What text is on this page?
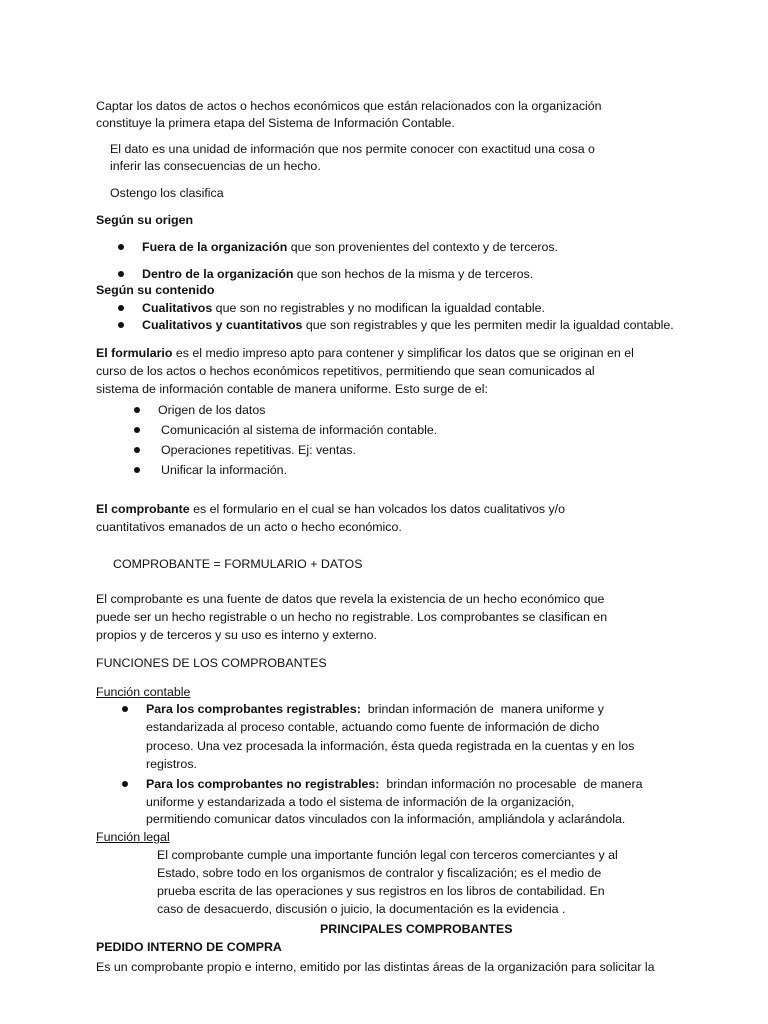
Captar los datos de actos o hechos económicos que están relacionados con la organización

constituye la primera etapa del Sistema de Información Contable.

El dato es una unidad de información que nos permite conocer con exactitud una cosa o

inferir las consecuencias de un hecho.

Ostengo los clasifica

Según su origen

Fuera de la organización que son provenientes del contexto y de terceros.
Dentro de la organización que son hechos de la misma y de terceros.

Según su contenido

Cualitativos que son no registrables y no modifican la igualdad contable.
Cualitativos y cuantitativos que son registrables y que les permiten medir la igualdad contable.

El formulario es el medio impreso apto para contener y simplificar los datos que se originan en el

curso de los actos o hechos económicos repetitivos, permitiendo que sean comunicados al

sistema de información contable de manera uniforme. Esto surge de el:

Origen de los datos
Comunicación al sistema de información contable.
Operaciones repetitivas. Ej: ventas.
Unificar la información.

El comprobante es el formulario en el cual se han volcados los datos cualitativos y/o

cuantitativos emanados de un acto o hecho económico.

COMPROBANTE = FORMULARIO + DATOS

El comprobante es una fuente de datos que revela la existencia de un hecho económico que

puede ser un hecho registrable o un hecho no registrable. Los comprobantes se clasifican en

propios y de terceros y su uso es interno y externo.

FUNCIONES DE LOS COMPROBANTES

Función contable

Para los comprobantes registrables:  brindan información de  manera uniforme y

estandarizada al proceso contable, actuando como fuente de información de dicho

proceso. Una vez procesada la información, ésta queda registrada en la cuentas y en los

registros.

Para los comprobantes no registrables:  brindan información no procesable  de manera

uniforme y estandarizada a todo el sistema de información de la organización,

permitiendo comunicar datos vinculados con la información, ampliándola y aclarándola.

Función legal

El comprobante cumple una importante función legal con terceros comerciantes y al

Estado, sobre todo en los organismos de contralor y fiscalización; es el medio de

prueba escrita de las operaciones y sus registros en los libros de contabilidad. En

caso de desacuerdo, discusión o juicio, la documentación es la evidencia .

PRINCIPALES COMPROBANTES

PEDIDO INTERNO DE COMPRA

Es un comprobante propio e interno, emitido por las distintas áreas de la organización para solicitar la
